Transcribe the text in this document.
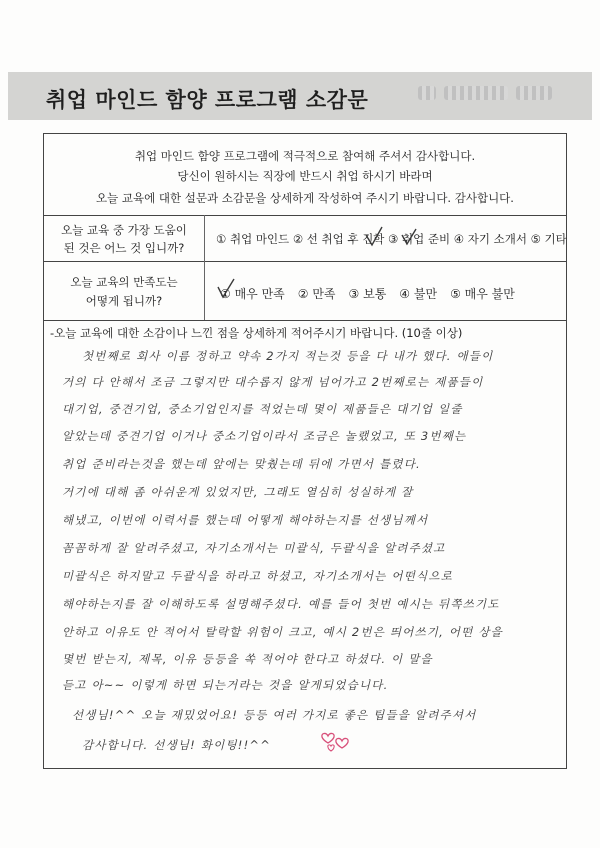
취업 마인드 함양 프로그램 소감문
취업 마인드 함양 프로그램에 적극적으로 참여해 주셔서 감사합니다.
당신이 원하시는 직장에 반드시 취업 하시기 바라며
오늘 교육에 대한 설문과 소감문을 상세하게 작성하여 주시기 바랍니다. 감사합니다.
오늘 교육 중 가장 도움이
된 것은 어느 것 입니까?
① 취업 마인드 ② 선 취업 후 진학 ③ 취업 준비 ④ 자기 소개서 ⑤ 기타
오늘 교육의 만족도는
어떻게 됩니까?	① 매우 만족 ② 만족 ③ 보통 ④ 불만 ⑤ 매우 불만
-오늘 교육에 대한 소감이나 느낀 점을 상세하게 적어주시기 바랍니다. (10줄 이상)
첫번째로 회사 이름 정하고 약속 2가지 적는것 등을 다 내가 했다. 애들이
거의 다 안해서 조금 그렇지만 대수롭지 않게 넘어가고 2번째로는 제품들이
대기업, 중견기업, 중소기업인지를 적었는데 몇이 제품들은 대기업 일줄
알았는데 중견기업 이거나 중소기업이라서 조금은 놀랬었고, 또 3번째는
취업 준비라는것을 했는데 앞에는 맞췄는데 뒤에 가면서 틀렸다.
거기에 대해 좀 아쉬운게 있었지만, 그래도 열심히 성실하게 잘
해냈고, 이번에 이력서를 했는데 어떻게 해야하는지를 선생님께서
꼼꼼하게 잘 알려주셨고, 자기소개서는 미괄식, 두괄식을 알려주셨고
미괄식은 하지말고 두괄식을 하라고 하셨고, 자기소개서는 어떤식으로
해야하는지를 잘 이해하도록 설명해주셨다. 예를 들어 첫번 예시는 뒤쪽쓰기도
안하고 이유도 안 적어서 탈락할 위험이 크고, 예시 2번은 띄어쓰기, 어떤 상을
몇번 받는지, 제목, 이유 등등을 쏙 적어야 한다고 하셨다. 이 말을
듣고 아~~ 이렇게 하면 되는거라는 것을 알게되었습니다.
선생님!^^ 오늘 재밌었어요! 등등 여러 가지로 좋은 팁들을 알려주셔서
감사합니다. 선생님! 화이팅!!^^
